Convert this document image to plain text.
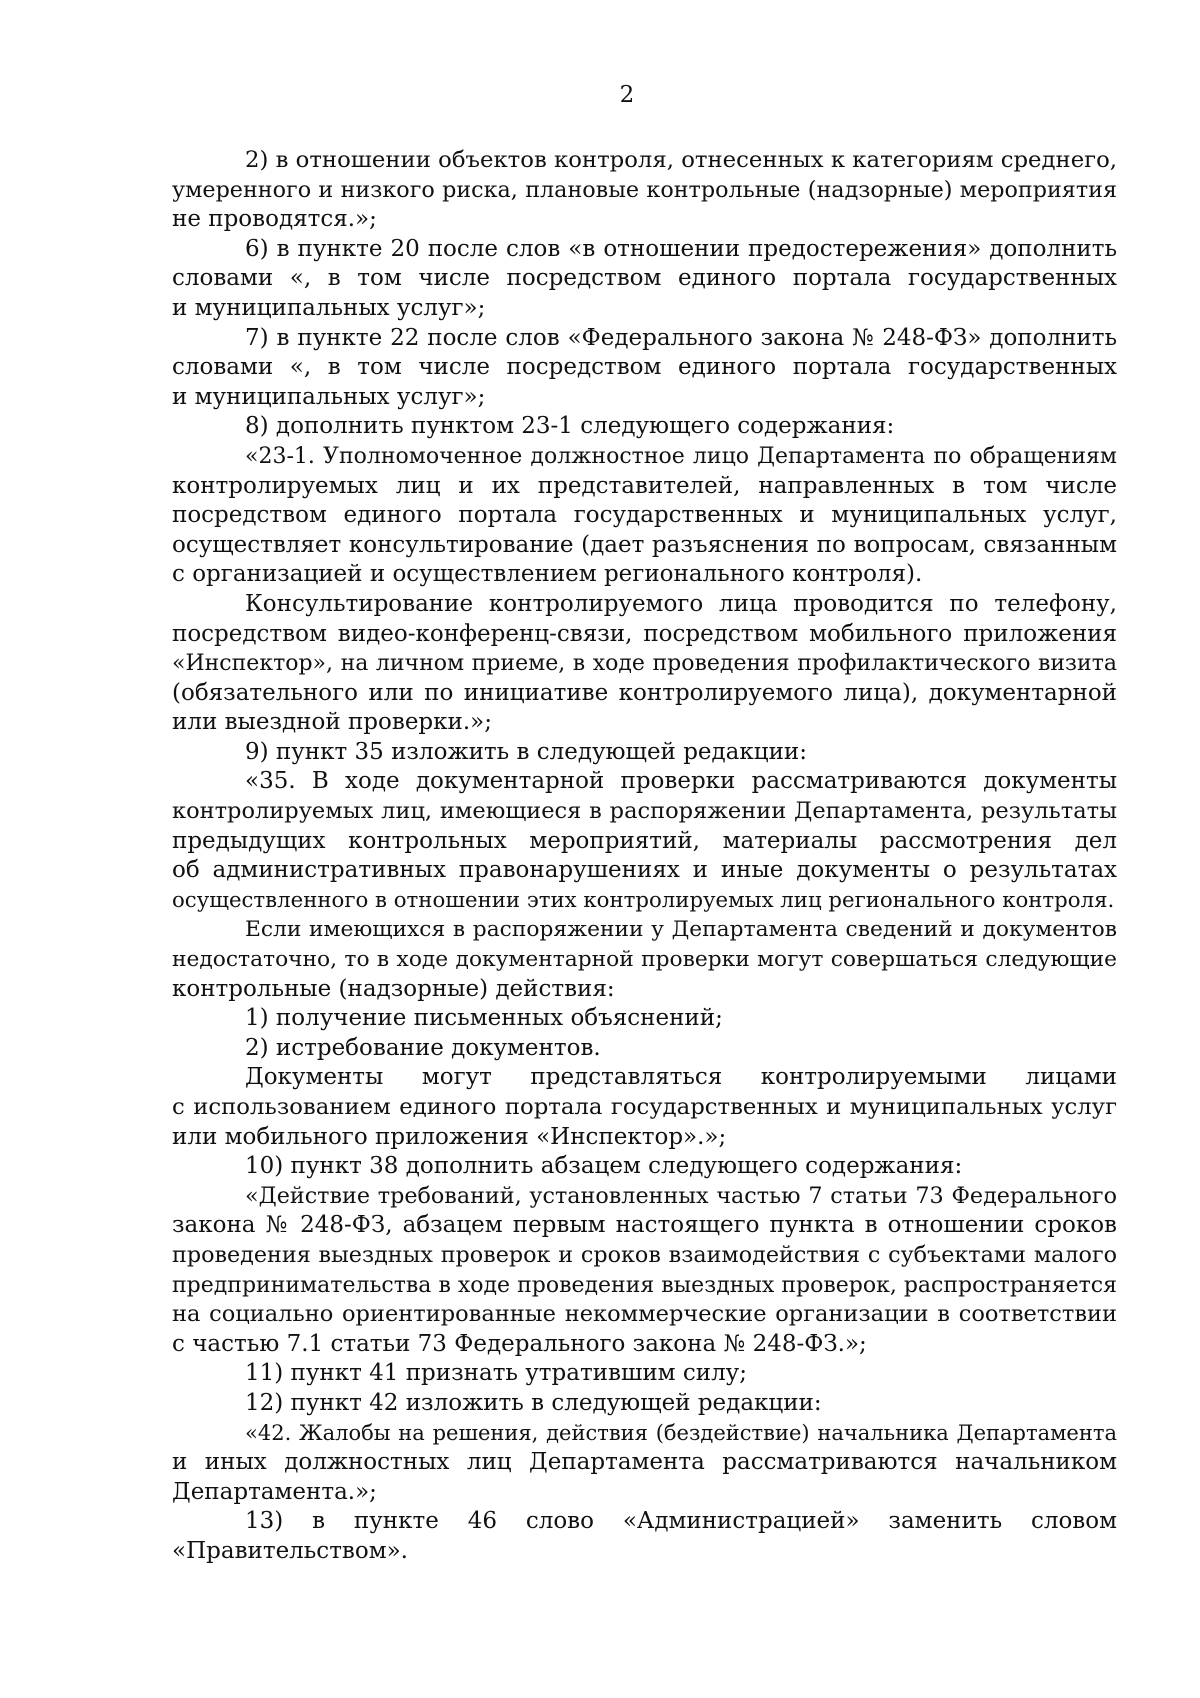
2
2) в отношении объектов контроля, отнесенных к категориям среднего,
умеренного и низкого риска, плановые контрольные (надзорные) мероприятия
не проводятся.»;
6) в пункте 20 после слов «в отношении предостережения» дополнить
словами «, в том числе посредством единого портала государственных
и муниципальных услуг»;
7) в пункте 22 после слов «Федерального закона № 248-ФЗ» дополнить
словами «, в том числе посредством единого портала государственных
и муниципальных услуг»;
8) дополнить пунктом 23-1 следующего содержания:
«23-1. Уполномоченное должностное лицо Департамента по обращениям
контролируемых лиц и их представителей, направленных в том числе
посредством единого портала государственных и муниципальных услуг,
осуществляет консультирование (дает разъяснения по вопросам, связанным
с организацией и осуществлением регионального контроля).
Консультирование контролируемого лица проводится по телефону,
посредством видео-конференц-связи, посредством мобильного приложения
«Инспектор», на личном приеме, в ходе проведения профилактического визита
(обязательного или по инициативе контролируемого лица), документарной
или выездной проверки.»;
9) пункт 35 изложить в следующей редакции:
«35. В ходе документарной проверки рассматриваются документы
контролируемых лиц, имеющиеся в распоряжении Департамента, результаты
предыдущих контрольных мероприятий, материалы рассмотрения дел
об административных правонарушениях и иные документы о результатах
осуществленного в отношении этих контролируемых лиц регионального контроля.
Если имеющихся в распоряжении у Департамента сведений и документов
недостаточно, то в ходе документарной проверки могут совершаться следующие
контрольные (надзорные) действия:
1) получение письменных объяснений;
2) истребование документов.
Документы могут представляться контролируемыми лицами
с использованием единого портала государственных и муниципальных услуг
или мобильного приложения «Инспектор».»;
10) пункт 38 дополнить абзацем следующего содержания:
«Действие требований, установленных частью 7 статьи 73 Федерального
закона № 248-ФЗ, абзацем первым настоящего пункта в отношении сроков
проведения выездных проверок и сроков взаимодействия с субъектами малого
предпринимательства в ходе проведения выездных проверок, распространяется
на социально ориентированные некоммерческие организации в соответствии
с частью 7.1 статьи 73 Федерального закона № 248-ФЗ.»;
11) пункт 41 признать утратившим силу;
12) пункт 42 изложить в следующей редакции:
«42. Жалобы на решения, действия (бездействие) начальника Департамента
и иных должностных лиц Департамента рассматриваются начальником
Департамента.»;
13) в пункте 46 слово «Администрацией» заменить словом
«Правительством».
